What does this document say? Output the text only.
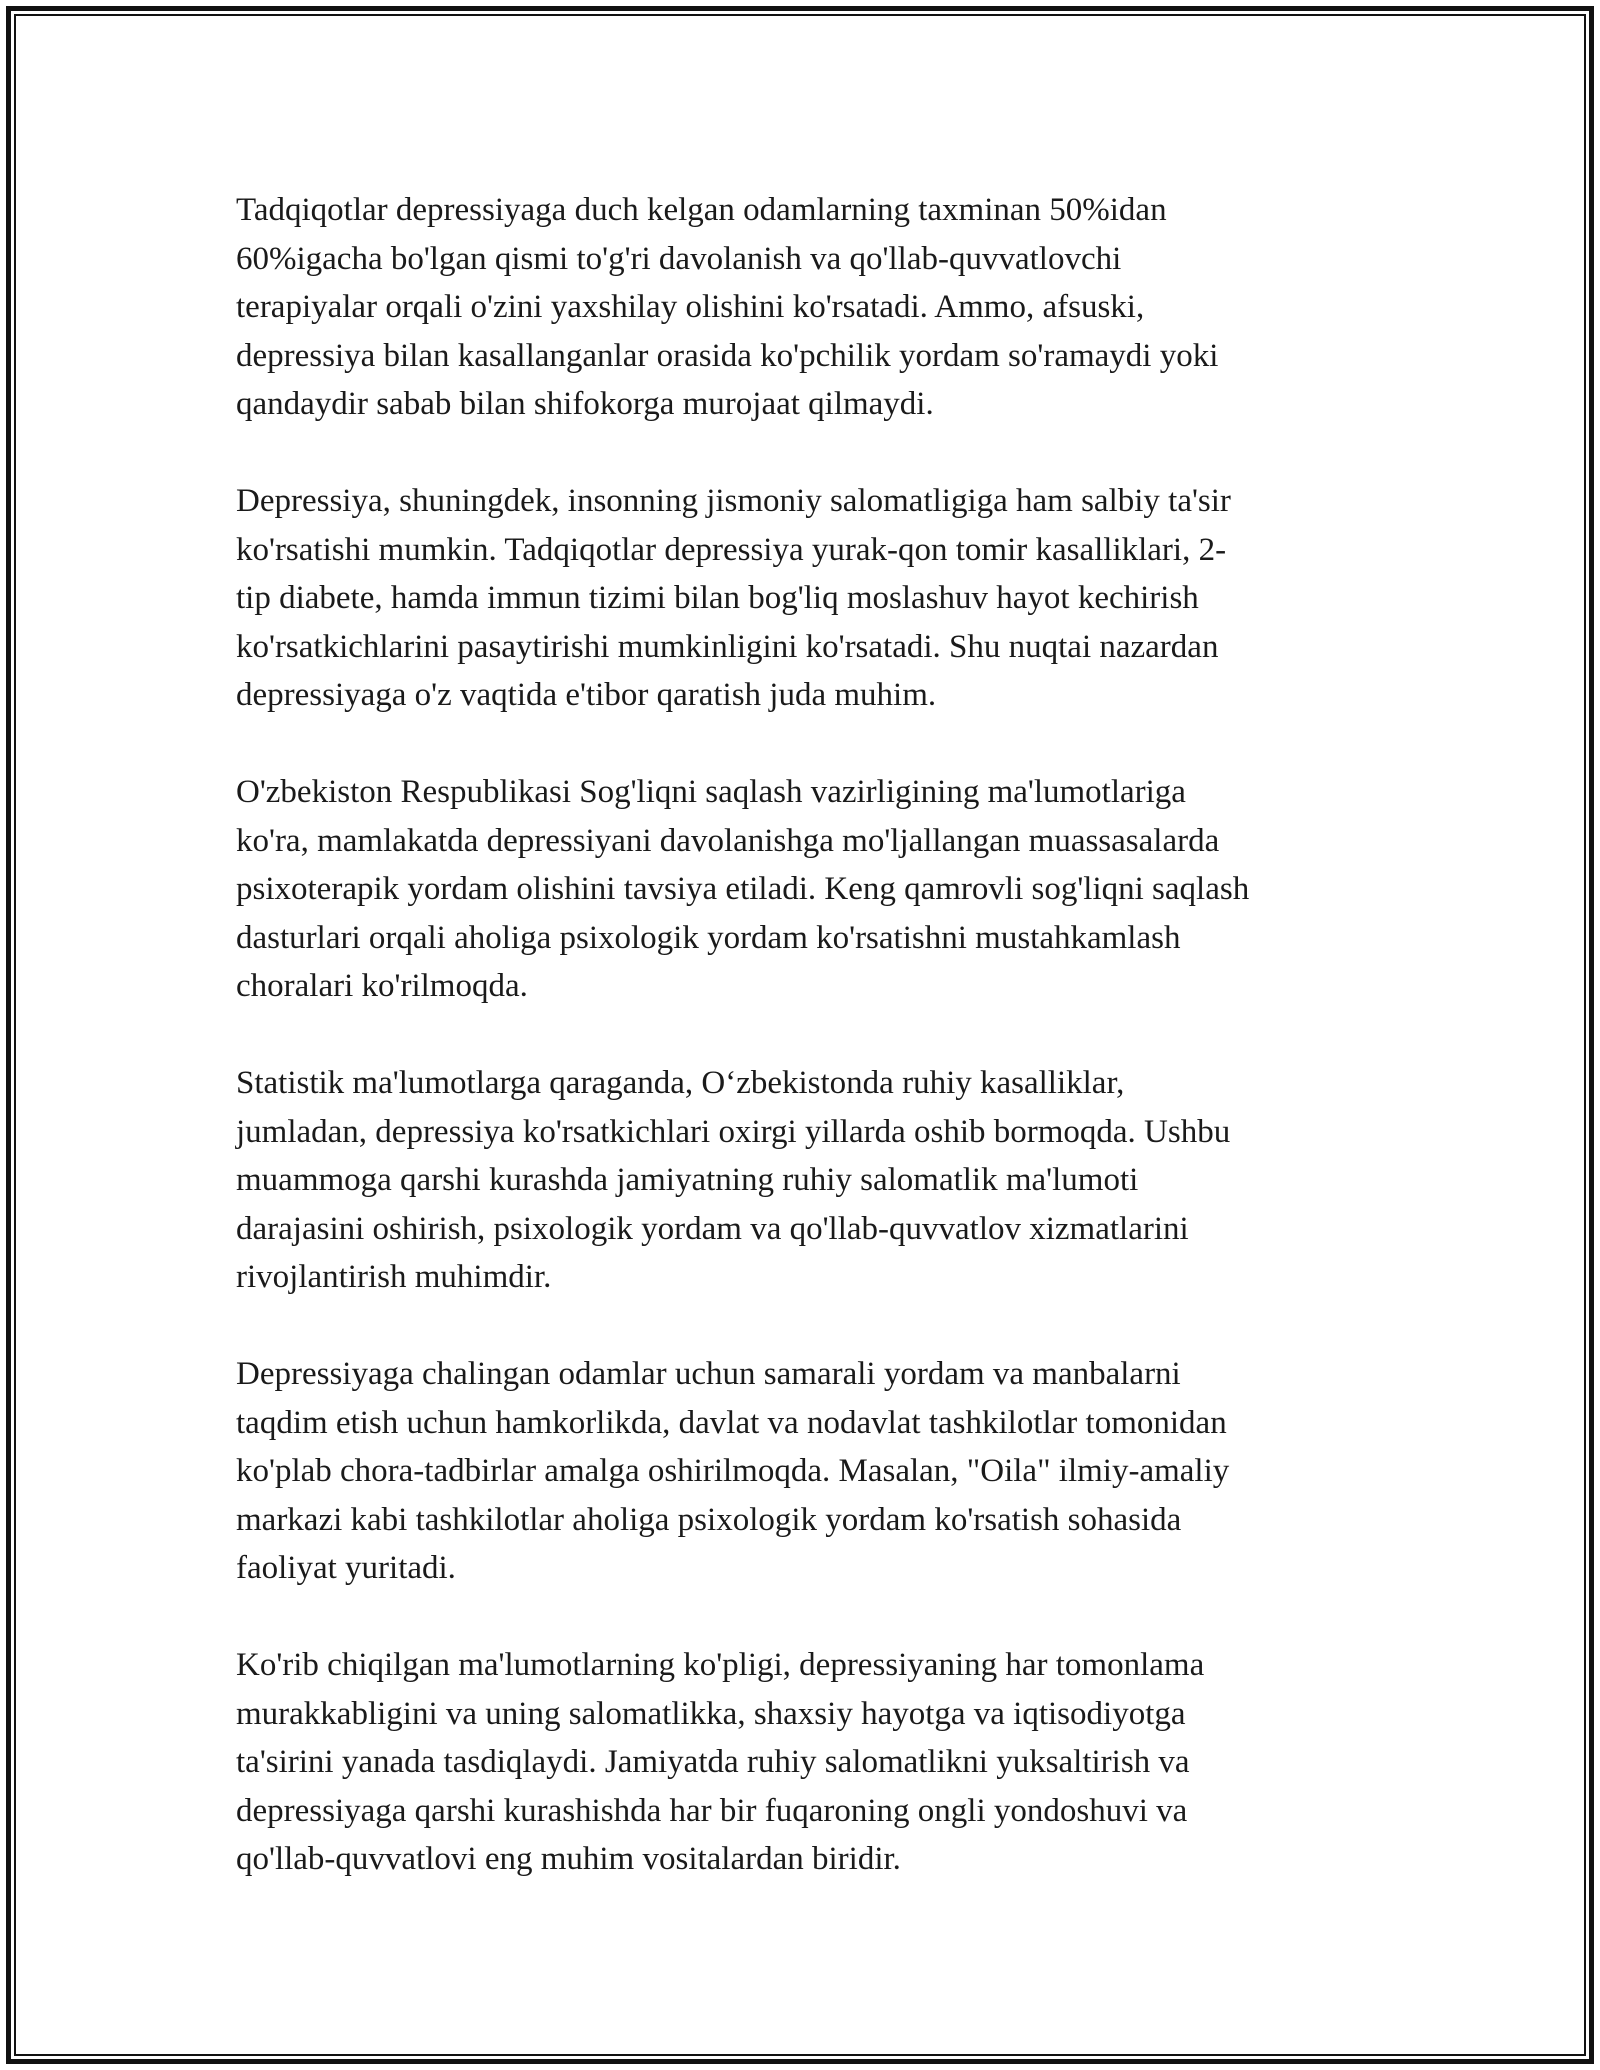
Tadqiqotlar depressiyaga duch kelgan odamlarning taxminan 50%idan
60%igacha bo'lgan qismi to'g'ri davolanish va qo'llab-quvvatlovchi
terapiyalar orqali o'zini yaxshilay olishini ko'rsatadi. Ammo, afsuski,
depressiya bilan kasallanganlar orasida ko'pchilik yordam so'ramaydi yoki
qandaydir sabab bilan shifokorga murojaat qilmaydi.

Depressiya, shuningdek, insonning jismoniy salomatligiga ham salbiy ta'sir
ko'rsatishi mumkin. Tadqiqotlar depressiya yurak-qon tomir kasalliklari, 2-
tip diabete, hamda immun tizimi bilan bog'liq moslashuv hayot kechirish
ko'rsatkichlarini pasaytirishi mumkinligini ko'rsatadi. Shu nuqtai nazardan
depressiyaga o'z vaqtida e'tibor qaratish juda muhim.

O'zbekiston Respublikasi Sog'liqni saqlash vazirligining ma'lumotlariga
ko'ra, mamlakatda depressiyani davolanishga mo'ljallangan muassasalarda
psixoterapik yordam olishini tavsiya etiladi. Keng qamrovli sog'liqni saqlash
dasturlari orqali aholiga psixologik yordam ko'rsatishni mustahkamlash
choralari ko'rilmoqda.

Statistik ma'lumotlarga qaraganda, O‘zbekistonda ruhiy kasalliklar,
jumladan, depressiya ko'rsatkichlari oxirgi yillarda oshib bormoqda. Ushbu
muammoga qarshi kurashda jamiyatning ruhiy salomatlik ma'lumoti
darajasini oshirish, psixologik yordam va qo'llab-quvvatlov xizmatlarini
rivojlantirish muhimdir.

Depressiyaga chalingan odamlar uchun samarali yordam va manbalarni
taqdim etish uchun hamkorlikda, davlat va nodavlat tashkilotlar tomonidan
ko'plab chora-tadbirlar amalga oshirilmoqda. Masalan, "Oila" ilmiy-amaliy
markazi kabi tashkilotlar aholiga psixologik yordam ko'rsatish sohasida
faoliyat yuritadi.

Ko'rib chiqilgan ma'lumotlarning ko'pligi, depressiyaning har tomonlama
murakkabligini va uning salomatlikka, shaxsiy hayotga va iqtisodiyotga
ta'sirini yanada tasdiqlaydi. Jamiyatda ruhiy salomatlikni yuksaltirish va
depressiyaga qarshi kurashishda har bir fuqaroning ongli yondoshuvi va
qo'llab-quvvatlovi eng muhim vositalardan biridir.
